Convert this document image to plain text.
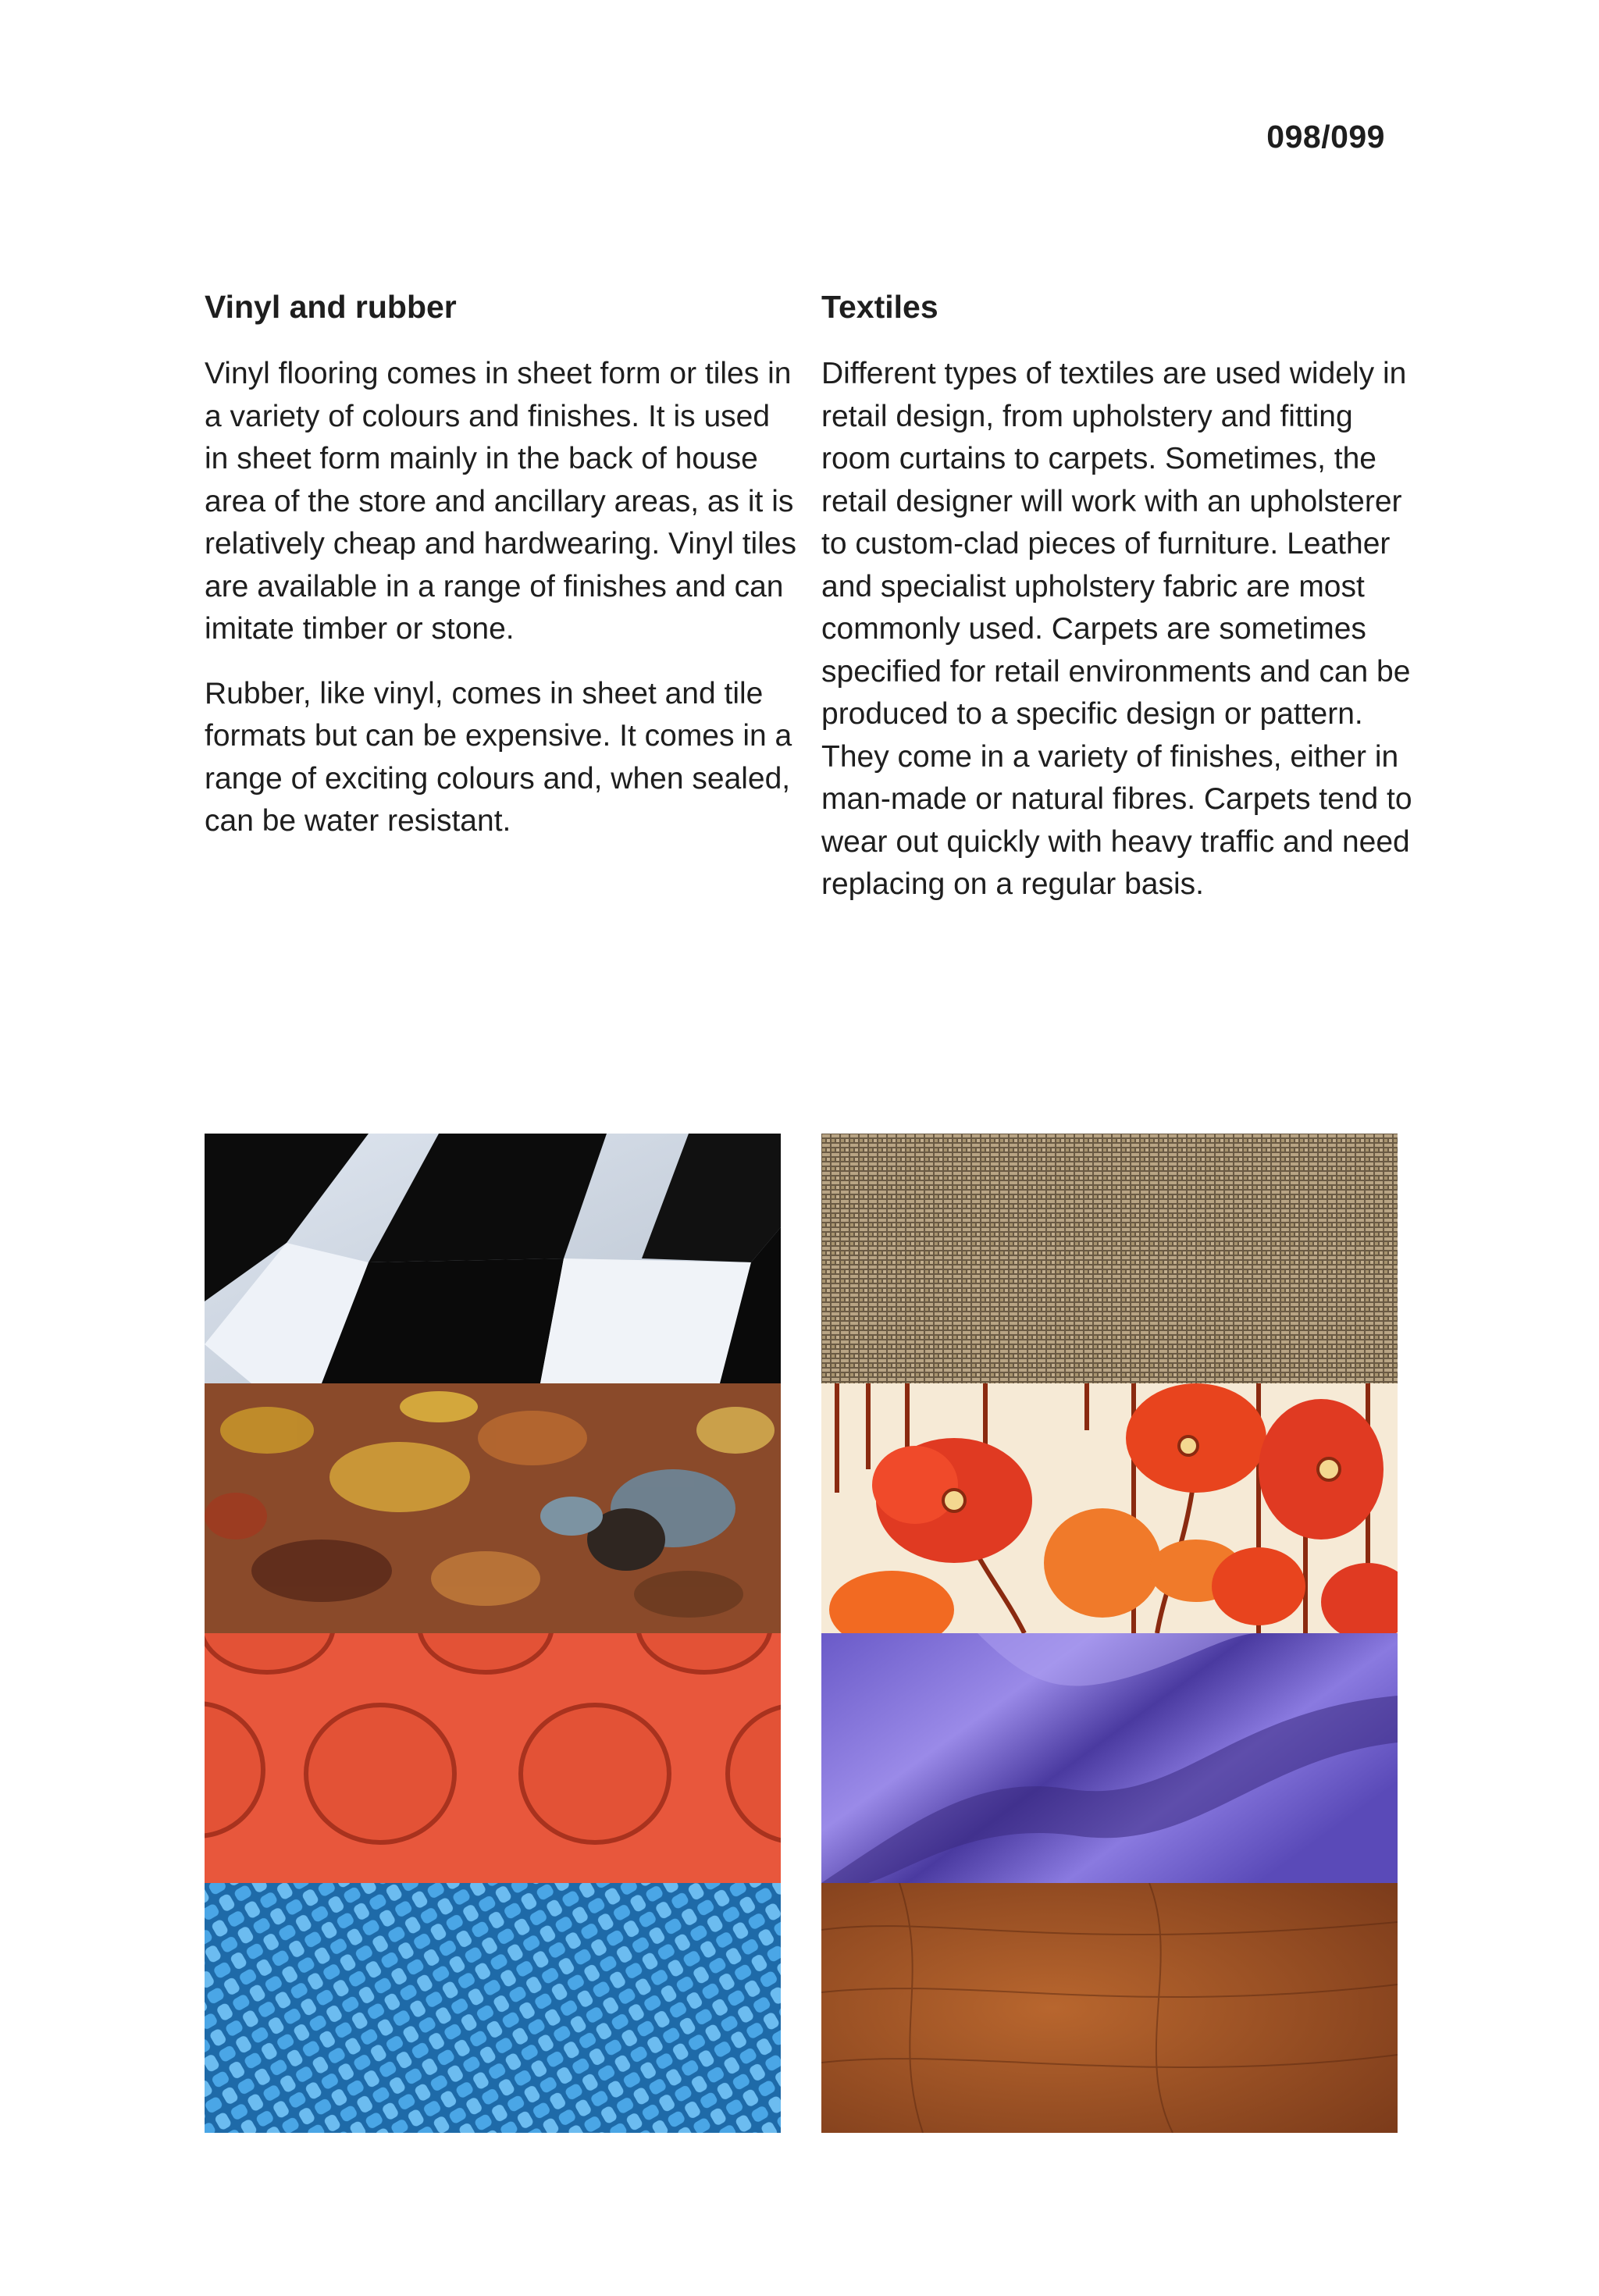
098/099
Vinyl and rubber

Vinyl flooring comes in sheet form or tiles in a variety of colours and finishes. It is used in sheet form mainly in the back of house area of the store and ancillary areas, as it is relatively cheap and hardwearing. Vinyl tiles are available in a range of finishes and can imitate timber or stone.

Rubber, like vinyl, comes in sheet and tile formats but can be expensive. It comes in a range of exciting colours and, when sealed, can be water resistant.

Textiles

Different types of textiles are used widely in retail design, from upholstery and fitting room curtains to carpets. Sometimes, the retail designer will work with an upholsterer to custom-clad pieces of furniture. Leather and specialist upholstery fabric are most commonly used. Carpets are sometimes specified for retail environments and can be produced to a specific design or pattern. They come in a variety of finishes, either in man-made or natural fibres. Carpets tend to wear out quickly with heavy traffic and need replacing on a regular basis.
